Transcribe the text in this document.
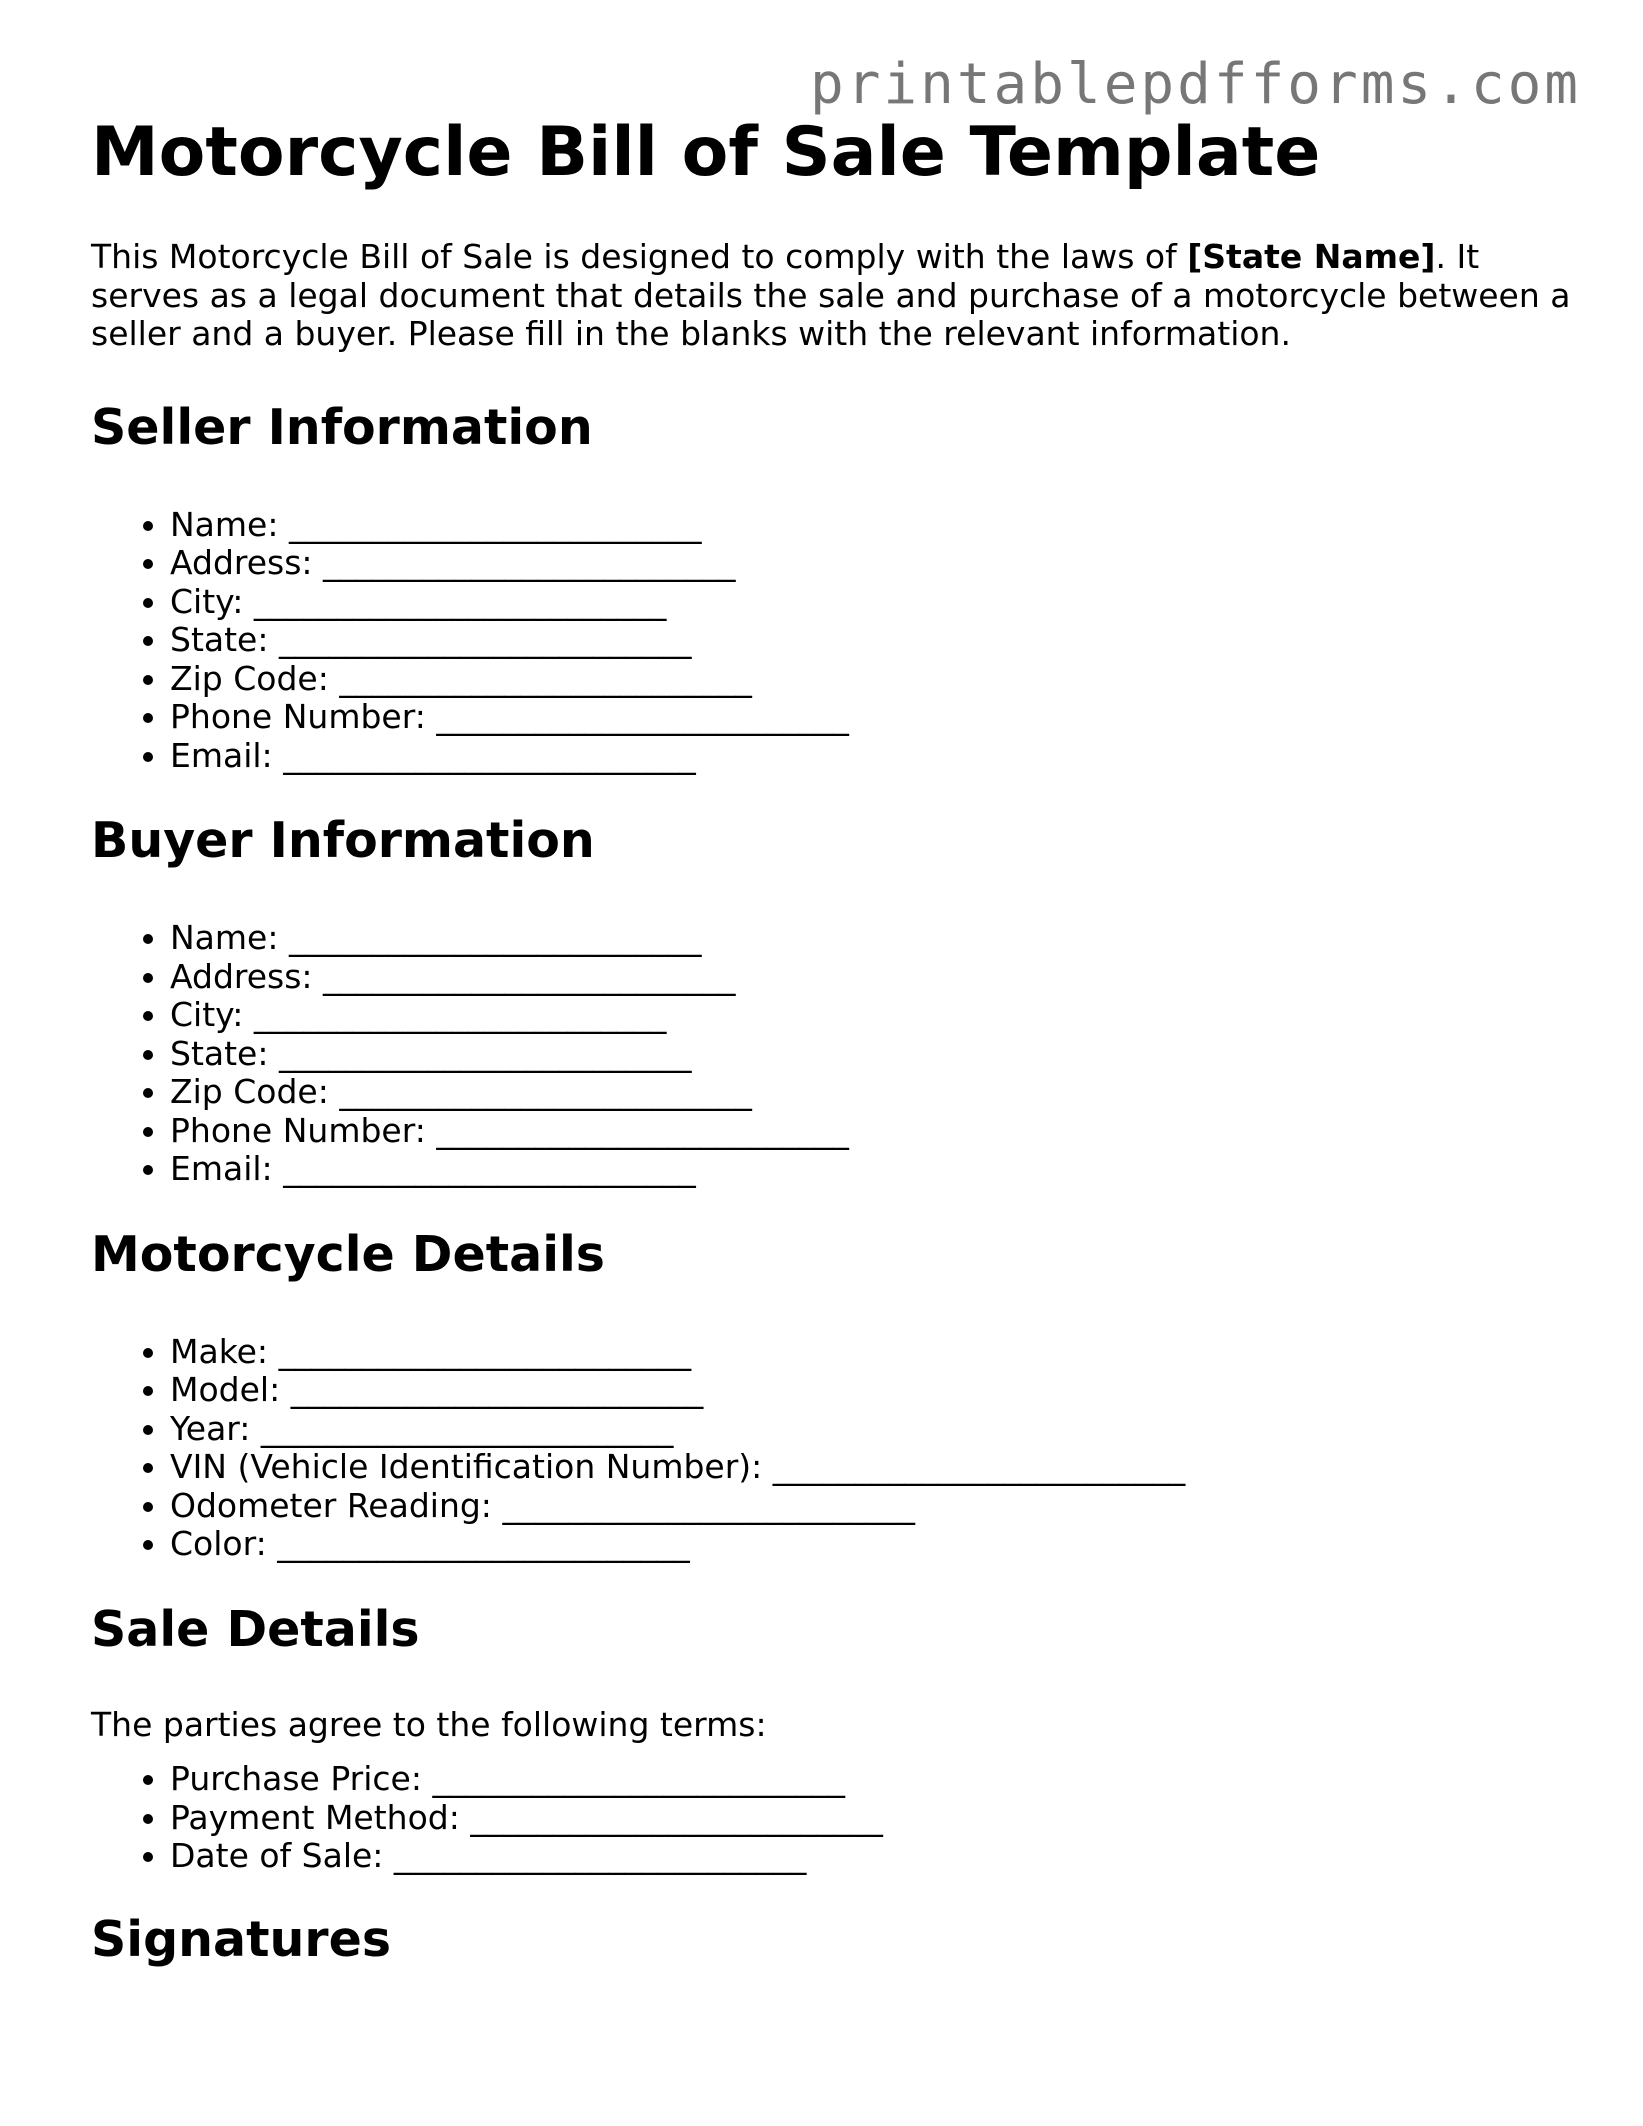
printablepdfforms.com
Motorcycle Bill of Sale Template

This Motorcycle Bill of Sale is designed to comply with the laws of [State Name]. It serves as a legal document that details the sale and purchase of a motorcycle between a seller and a buyer. Please fill in the blanks with the relevant information.

Seller Information
• Name: _________________________
• Address: _________________________
• City: _________________________
• State: _________________________
• Zip Code: _________________________
• Phone Number: _________________________
• Email: _________________________
Buyer Information
• Name: _________________________
• Address: _________________________
• City: _________________________
• State: _________________________
• Zip Code: _________________________
• Phone Number: _________________________
• Email: _________________________
Motorcycle Details
• Make: _________________________
• Model: _________________________
• Year: _________________________
• VIN (Vehicle Identification Number): _________________________
• Odometer Reading: _________________________
• Color: _________________________
Sale Details

The parties agree to the following terms:

• Purchase Price: _________________________
• Payment Method: _________________________
• Date of Sale: _________________________
Signatures
